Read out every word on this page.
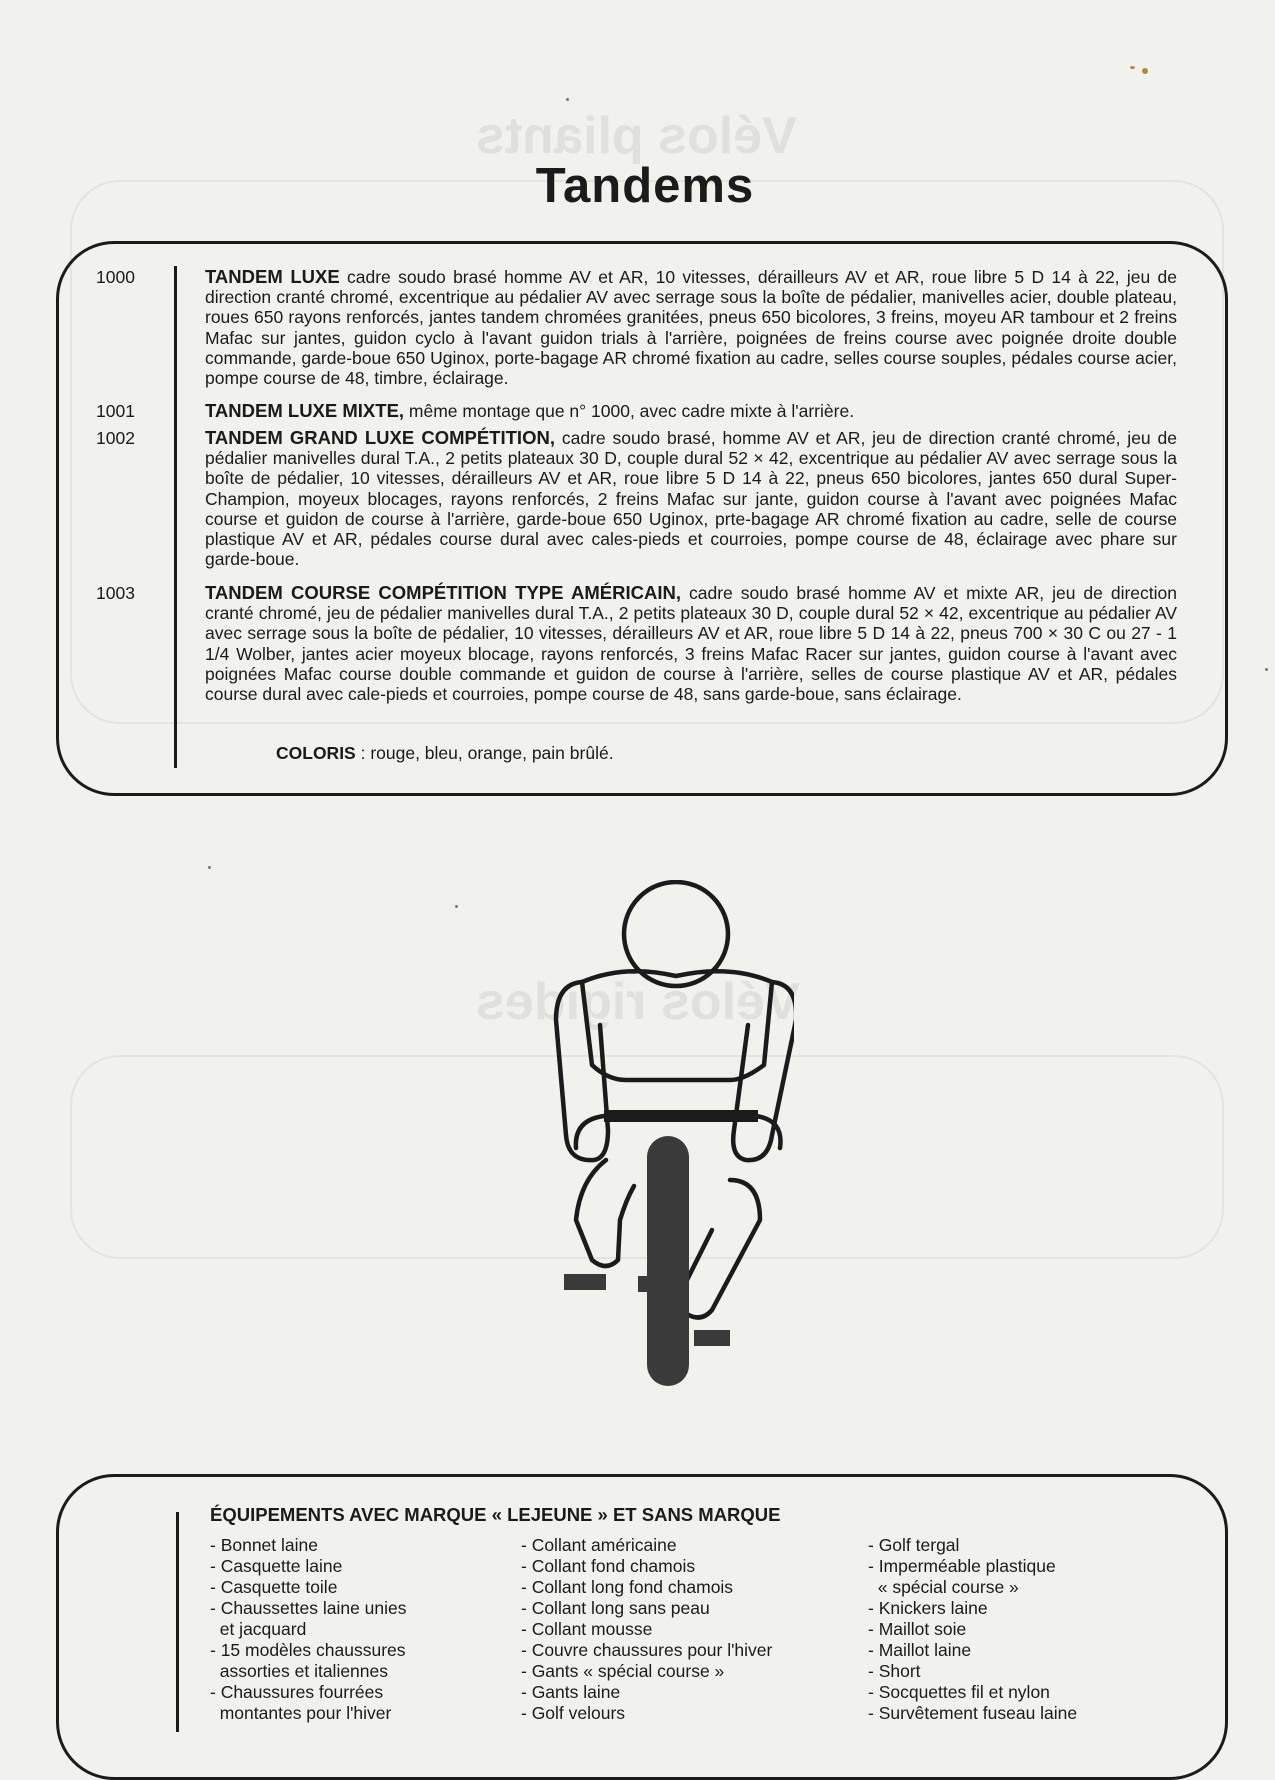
Vélos pliants
Vélos rigides
Tandems
1000	TANDEM LUXE cadre soudo brasé homme AV et AR, 10 vitesses, dérailleurs AV et AR, roue libre 5 D 14 à 22, jeu de direction cranté chromé, excentrique au pédalier AV avec serrage sous la boîte de pédalier, manivelles acier, double plateau, roues 650 rayons renforcés, jantes tandem chromées granitées, pneus 650 bicolores, 3 freins, moyeu AR tambour et 2 freins Mafac sur jantes, guidon cyclo à l'avant guidon trials à l'arrière, poignées de freins course avec poignée droite double commande, garde-boue 650 Uginox, porte-bagage AR chromé fixation au cadre, selles course souples, pédales course acier, pompe course de 48, timbre, éclairage.
1001	TANDEM LUXE MIXTE, même montage que n° 1000, avec cadre mixte à l'arrière.
1002	TANDEM GRAND LUXE COMPÉTITION, cadre soudo brasé, homme AV et AR, jeu de direction cranté chromé, jeu de pédalier manivelles dural T.A., 2 petits plateaux 30 D, couple dural 52 × 42, excentrique au pédalier AV avec serrage sous la boîte de pédalier, 10 vitesses, dérailleurs AV et AR, roue libre 5 D 14 à 22, pneus 650 bicolores, jantes 650 dural Super-Champion, moyeux blocages, rayons renforcés, 2 freins Mafac sur jante, guidon course à l'avant avec poignées Mafac course et guidon de course à l'arrière, garde-boue 650 Uginox, prte-bagage AR chromé fixation au cadre, selle de course plastique AV et AR, pédales course dural avec cales-pieds et courroies, pompe course de 48, éclairage avec phare sur garde-boue.
1003	TANDEM COURSE COMPÉTITION TYPE AMÉRICAIN, cadre soudo brasé homme AV et mixte AR, jeu de direction cranté chromé, jeu de pédalier manivelles dural T.A., 2 petits plateaux 30 D, couple dural 52 × 42, excentrique au pédalier AV avec serrage sous la boîte de pédalier, 10 vitesses, dérailleurs AV et AR, roue libre 5 D 14 à 22, pneus 700 × 30 C ou 27 - 1 1/4 Wolber, jantes acier moyeux blocage, rayons renforcés, 3 freins Mafac Racer sur jantes, guidon course à l'avant avec poignées Mafac course double commande et guidon de course à l'arrière, selles de course plastique AV et AR, pédales course dural avec cale-pieds et courroies, pompe course de 48, sans garde-boue, sans éclairage.
COLORIS : rouge, bleu, orange, pain brûlé.
ÉQUIPEMENTS AVEC MARQUE « LEJEUNE » ET SANS MARQUE
- Bonnet laine
- Casquette laine
- Casquette toile
- Chaussettes laine unies
et jacquard
- 15 modèles chaussures
assorties et italiennes
- Chaussures fourrées
montantes pour l'hiver
- Collant américaine
- Collant fond chamois
- Collant long fond chamois
- Collant long sans peau
- Collant mousse
- Couvre chaussures pour l'hiver
- Gants « spécial course »
- Gants laine
- Golf velours
- Golf tergal
- Imperméable plastique
« spécial course »
- Knickers laine
- Maillot soie
- Maillot laine
- Short
- Socquettes fil et nylon
- Survêtement fuseau laine
